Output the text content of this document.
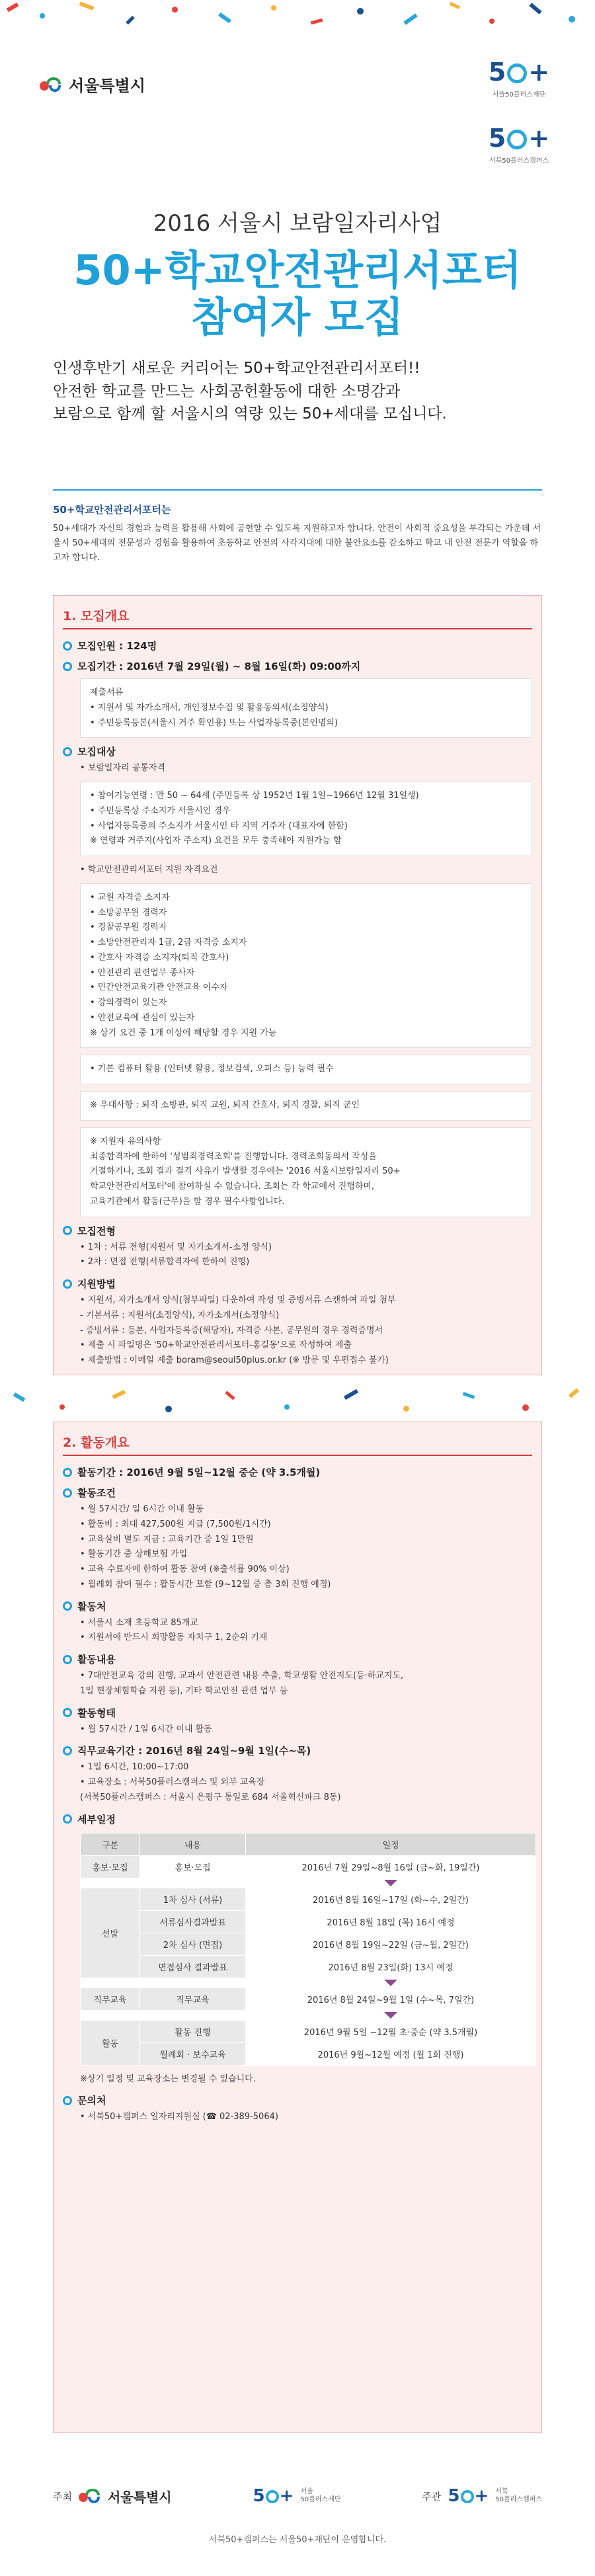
서울특별시	5 +
서울50플러스재단
5 +
서북50플러스캠퍼스
2016 서울시 보람일자리사업
50+학교안전관리서포터
참여자 모집
인생후반기 새로운 커리어는 50+학교안전관리서포터!!
안전한 학교를 만드는 사회공헌활동에 대한 소명감과
보람으로 함께 할 서울시의 역량 있는 50+세대를 모십니다.
50+학교안전관리서포터는
50+세대가 자신의 경험과 능력을 활용해 사회에 공헌할 수 있도록 지원하고자 합니다. 안전이 사회적 중요성을 부각되는 가운데 서울시 50+세대의 전문성과 경험을 활용하여 초등학교 안전의 사각지대에 대한 불안요소를 감소하고 학교 내 안전 전문가 역할을 하고자 합니다.
1. 모집개요
모집인원 : 124명
모집기간 : 2016년 7월 29일(월) ~ 8월 16일(화) 09:00까지
제출서류
• 지원서 및 자가소개서, 개인정보수집 및 활용동의서(소정양식)
• 주민등록등본(서울시 거주 확인용) 또는 사업자등록증(본인명의)
모집대상
• 보람일자리 공통자격
• 참여기능연령 : 만 50 ~ 64세 (주민등록 상 1952년 1월 1일~1966년 12월 31일생)
• 주민등록상 주소지가 서울시인 경우
• 사업자등록증의 주소지가 서울시인 타 지역 거주자 (대표자에 한함)
※ 연령과 거주지(사업자 주소지) 요건을 모두 충족해야 지원가능 함
• 학교안전관리서포터 지원 자격요건
• 교원 자격증 소지자
• 소방공무원 경력자
• 경찰공무원 경력자
• 소방안전관리자 1급, 2급 자격증 소지자
• 간호사 자격증 소지자(퇴직 간호사)
• 안전관리 관련업무 종사자
• 민간안전교육기관 안전교육 이수자
• 강의경력이 있는자
• 안전교육에 관심이 있는자
※ 상기 요건 중 1개 이상에 해당할 경우 지원 가능
• 기본 컴퓨터 활용 (인터넷 활용, 정보검색, 오피스 등) 능력 필수
※ 우대사항 : 퇴직 소방관, 퇴직 교원, 퇴직 간호사, 퇴직 경찰, 퇴직 군인
※ 지원자 유의사항
최종합격자에 한하여 '성범죄경력조회'를 진행합니다. 경력조회동의서 작성을
거절하거나, 조회 결과 결격 사유가 발생할 경우에는 '2016 서울시보람일자리 50+
학교안전관리서포터'에 참여하실 수 없습니다. 조회는 각 학교에서 진행하며,
교육기관에서 활동(근무)을 할 경우 필수사항입니다.
모집전형
• 1차 : 서류 전형(지원서 및 자가소개서-소정 양식)
• 2차 : 면접 전형(서류합격자에 한하여 진행)
지원방법
• 지원서, 자가소개서 양식(첨부파일) 다운하여 작성 및 증빙서류 스캔하여 파일 첨부
- 기본서류 : 지원서(소정양식), 자가소개서(소정양식)
- 증빙서류 : 등본, 사업자등록증(해당자), 자격증 사본, 공무원의 경우 경력증명서
• 제출 시 파일명은 '50+학교안전관리서포터-홍길동'으로 작성하여 제출
• 제출방법 : 이메일 제출 boram@seoul50plus.or.kr (※ 방문 및 우편접수 불가)
2. 활동개요
활동기간 : 2016년 9월 5일~12월 중순 (약 3.5개월)
활동조건
• 월 57시간/ 일 6시간 이내 활동
• 활동비 : 최대 427,500원 지급 (7,500원/1시간)
• 교육실비 별도 지급 : 교육기간 중 1일 1만원
• 활동기간 중 상해보험 가입
• 교육 수료자에 한하여 활동 참여 (※출석률 90% 이상)
• 월례회 참여 필수 : 활동시간 포함 (9~12월 중 총 3회 진행 예정)
활동처
• 서울시 소재 초등학교 85개교
• 지원서에 반드시 희망활동 자치구 1, 2순위 기재
활동내용
• 7대안전교육 강의 진행, 교과서 안전관련 내용 추출, 학교생활 안전지도(등·하교지도,
1일 현장체험학습 지원 등), 기타 학교안전 관련 업무 등
활동형태
• 월 57시간 / 1일 6시간 이내 활동
직무교육기간 : 2016년 8월 24일~9월 1일(수~목)
• 1일 6시간, 10:00~17:00
• 교육장소 : 서북50플러스캠퍼스 및 외부 교육장
(서북50플러스캠퍼스 : 서울시 은평구 통일로 684 서울혁신파크 8동)
세부일정
구분	내용	일정
홍보·모집	홍보·모집	2016년 7월 29일~8월 16일 (금~화, 19일간)

선발	1차 심사 (서류)	2016년 8월 16일~17일 (화~수, 2일간)
	서류심사결과발표	2016년 8월 18일 (목) 16시 예정
	2차 심사 (면접)	2016년 8월 19일~22일 (금~월, 2일간)
	면접심사 결과발표	2016년 8월 23일(화) 13시 예정

직무교육	직무교육	2016년 8월 24일~9월 1일 (수~목, 7일간)

활동	활동 진행	2016년 9월 5일 ~12월 초·중순 (약 3.5개월)
	월례회 · 보수교육	2016년 9월~12월 예정 (월 1회 진행)
※상기 일정 및 교육장소는 변경될 수 있습니다.
문의처
• 서북50+캠퍼스 일자리지원실 (☎ 02-389-5064)
주최	서울특별시	5 + 서울
50플러스재단	주관 5 + 서북
50플러스캠퍼스
서북50+캠퍼스는 서울50+재단이 운영합니다.
